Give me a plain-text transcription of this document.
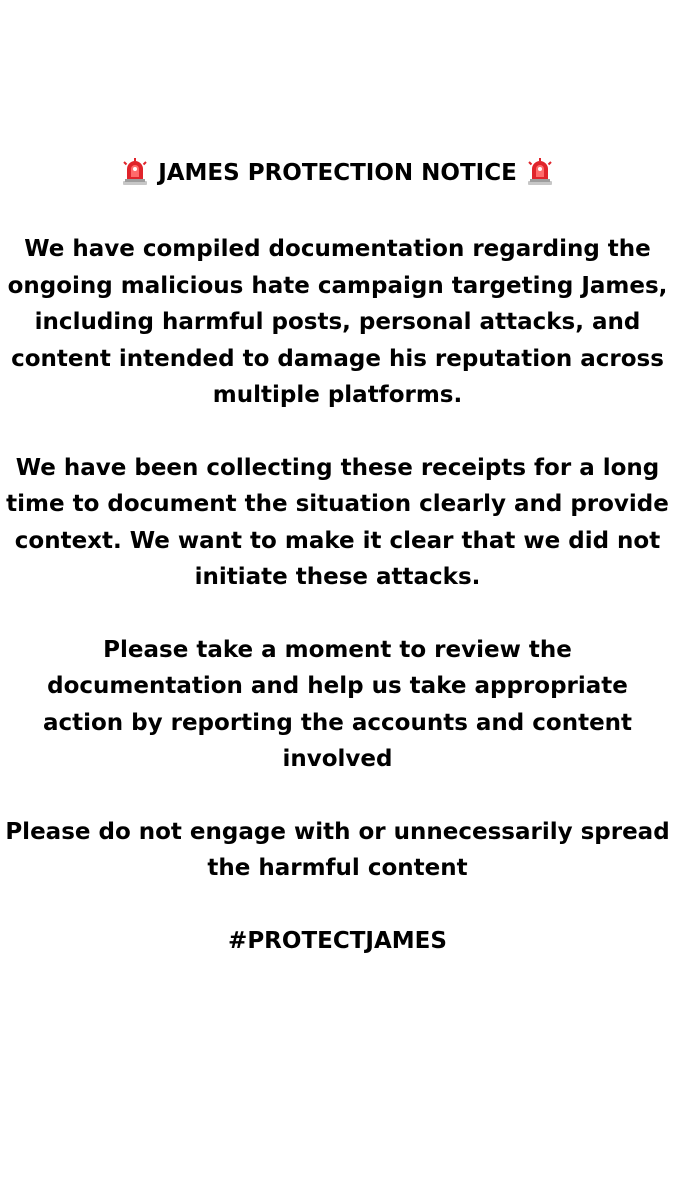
JAMES PROTECTION NOTICE

We have compiled documentation regarding the ongoing malicious hate campaign targeting James, including harmful posts, personal attacks, and content intended to damage his reputation across multiple platforms.

We have been collecting these receipts for a long time to document the situation clearly and provide context. We want to make it clear that we did not initiate these attacks.

Please take a moment to review the documentation and help us take appropriate action by reporting the accounts and content involved

Please do not engage with or unnecessarily spread the harmful content

#PROTECTJAMES
